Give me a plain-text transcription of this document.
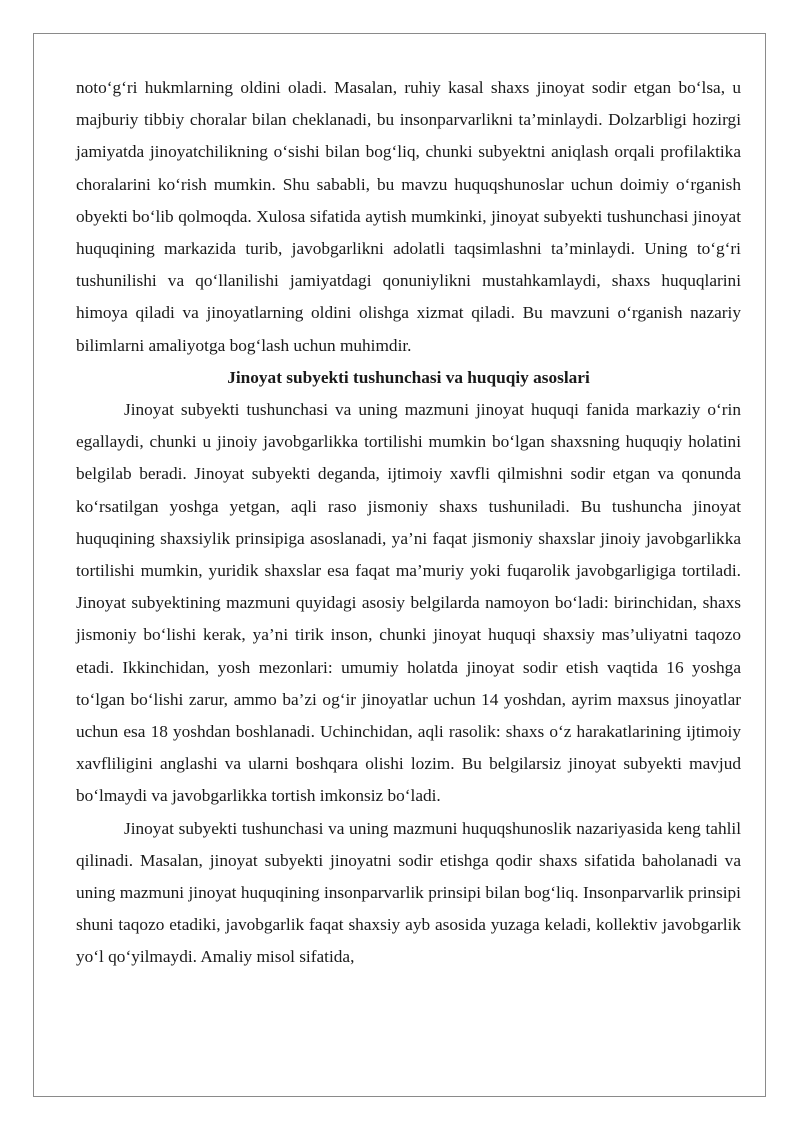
noto‘g‘ri hukmlarning oldini oladi. Masalan, ruhiy kasal shaxs jinoyat sodir etgan bo‘lsa, u majburiy tibbiy choralar bilan cheklanadi, bu insonparvarlikni ta’minlaydi. Dolzarbligi hozirgi jamiyatda jinoyatchilikning o‘sishi bilan bog‘liq, chunki subyektni aniqlash orqali profilaktika choralarini ko‘rish mumkin. Shu sababli, bu mavzu huquqshunoslar uchun doimiy o‘rganish obyekti bo‘lib qolmoqda. Xulosa sifatida aytish mumkinki, jinoyat subyekti tushunchasi jinoyat huquqining markazida turib, javobgarlikni adolatli taqsimlashni ta’minlaydi. Uning to‘g‘ri tushunilishi va qo‘llanilishi jamiyatdagi qonuniylikni mustahkamlaydi, shaxs huquqlarini himoya qiladi va jinoyatlarning oldini olishga xizmat qiladi. Bu mavzuni o‘rganish nazariy bilimlarni amaliyotga bog‘lash uchun muhimdir.

Jinoyat subyekti tushunchasi va huquqiy asoslari

Jinoyat subyekti tushunchasi va uning mazmuni jinoyat huquqi fanida markaziy o‘rin egallaydi, chunki u jinoiy javobgarlikka tortilishi mumkin bo‘lgan shaxsning huquqiy holatini belgilab beradi. Jinoyat subyekti deganda, ijtimoiy xavfli qilmishni sodir etgan va qonunda ko‘rsatilgan yoshga yetgan, aqli raso jismoniy shaxs tushuniladi. Bu tushuncha jinoyat huquqining shaxsiylik prinsipiga asoslanadi, ya’ni faqat jismoniy shaxslar jinoiy javobgarlikka tortilishi mumkin, yuridik shaxslar esa faqat ma’muriy yoki fuqarolik javobgarligiga tortiladi. Jinoyat subyektining mazmuni quyidagi asosiy belgilarda namoyon bo‘ladi: birinchidan, shaxs jismoniy bo‘lishi kerak, ya’ni tirik inson, chunki jinoyat huquqi shaxsiy mas’uliyatni taqozo etadi. Ikkinchidan, yosh mezonlari: umumiy holatda jinoyat sodir etish vaqtida 16 yoshga to‘lgan bo‘lishi zarur, ammo ba’zi og‘ir jinoyatlar uchun 14 yoshdan, ayrim maxsus jinoyatlar uchun esa 18 yoshdan boshlanadi. Uchinchidan, aqli rasolik: shaxs o‘z harakatlarining ijtimoiy xavfliligini anglashi va ularni boshqara olishi lozim. Bu belgilarsiz jinoyat subyekti mavjud bo‘lmaydi va javobgarlikka tortish imkonsiz bo‘ladi.

Jinoyat subyekti tushunchasi va uning mazmuni huquqshunoslik nazariyasida keng tahlil qilinadi. Masalan, jinoyat subyekti jinoyatni sodir etishga qodir shaxs sifatida baholanadi va uning mazmuni jinoyat huquqining insonparvarlik prinsipi bilan bog‘liq. Insonparvarlik prinsipi shuni taqozo etadiki, javobgarlik faqat shaxsiy ayb asosida yuzaga keladi, kollektiv javobgarlik yo‘l qo‘yilmaydi. Amaliy misol sifatida,
